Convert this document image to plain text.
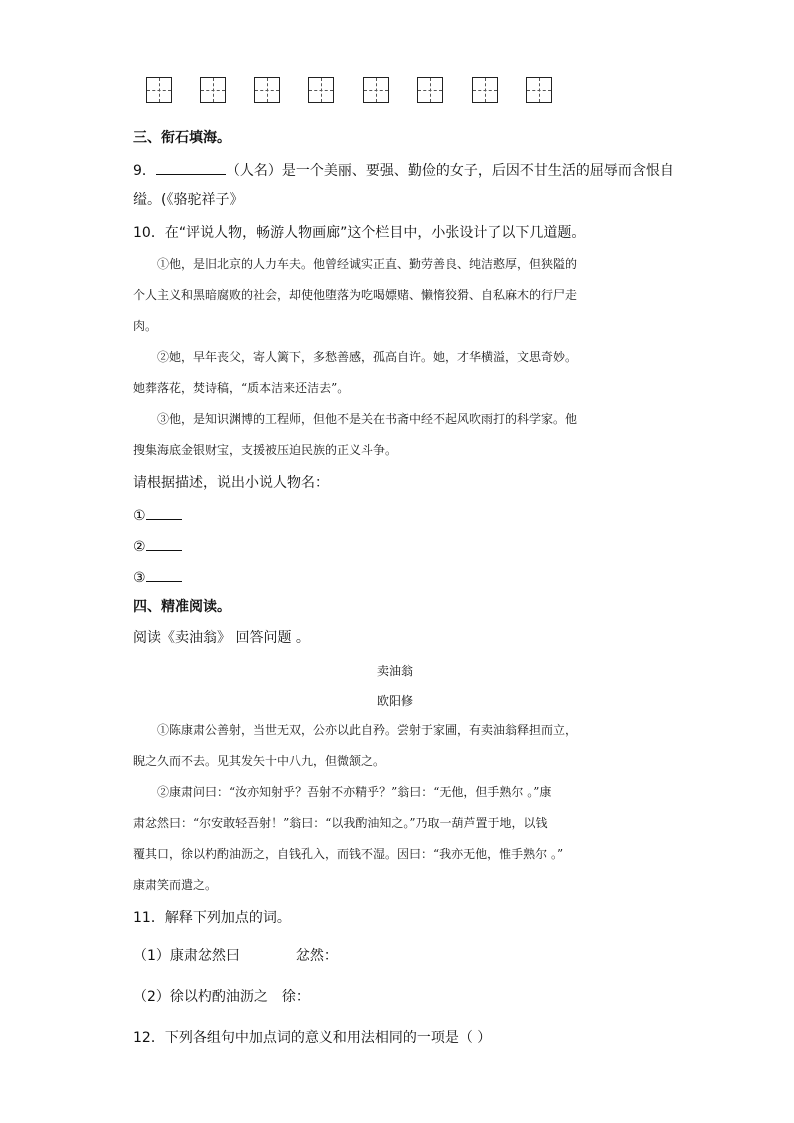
三、衔石填海。
9．	（人名）是一个美丽、要强、勤俭的女子，后因不甘生活的屈辱而含恨自
缢。(《骆驼祥子》
10．在“评说人物，畅游人物画廊”这个栏目中，小张设计了以下几道题。
①他，是旧北京的人力车夫。他曾经诚实正直、勤劳善良、纯洁憨厚，但狭隘的
个人主义和黑暗腐败的社会，却使他堕落为吃喝嫖赌、懒惰狡猾、自私麻木的行尸走
肉。
②她，早年丧父，寄人篱下，多愁善感，孤高自许。她，才华横溢，文思奇妙。
她葬落花，焚诗稿，“质本洁来还洁去”。
③他，是知识渊博的工程师，但他不是关在书斋中经不起风吹雨打的科学家。他
搜集海底金银财宝，支援被压迫民族的正义斗争。
请根据描述，说出小说人物名：
①
②
③
四、精准阅读。
阅读《卖油翁》 回答问题 。
卖油翁
欧阳修
①陈康肃公善射，当世无双，公亦以此自矜。尝射于家圃，有卖油翁释担而立，
睨之久而不去。见其发矢十中八九，但微颔之。
②康肃问曰：“汝亦知射乎？吾射不亦精乎？”翁曰：“无他，但手熟尔 。”康
肃忿然曰：“尔安敢轻吾射！”翁曰：“以我酌油知之。”乃取一葫芦置于地，以钱
覆其口，徐以杓酌油沥之，自钱孔入，而钱不湿。因曰：“我亦无他，惟手熟尔 。”
康肃笑而遣之。
11．解释下列加点的词。
（1）康肃忿然曰	忿然：
（2）徐以杓酌油沥之 徐：
12．下列各组句中加点词的意义和用法相同的一项是（ ）
